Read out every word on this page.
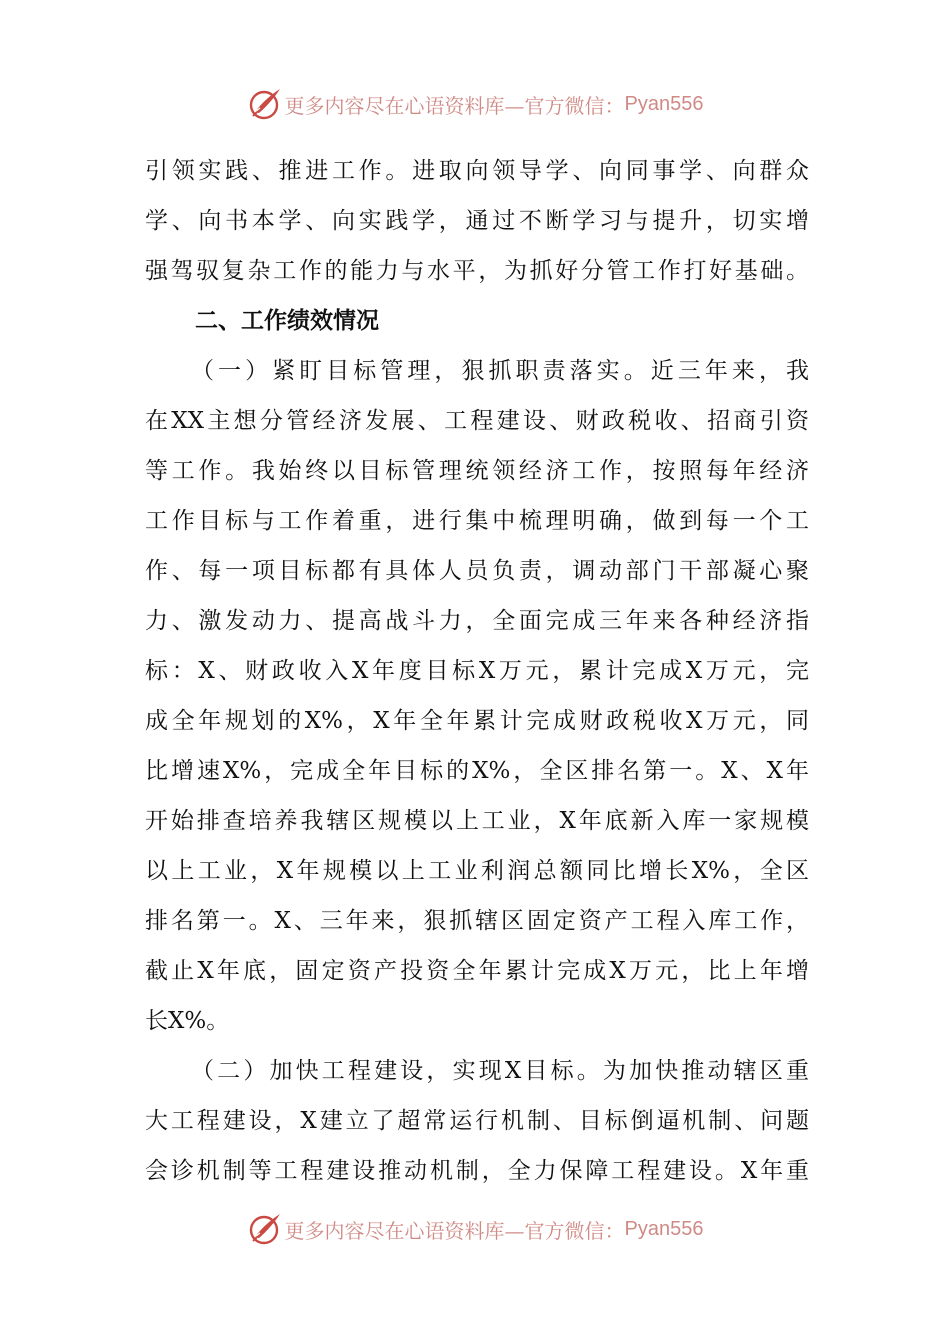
更多内容尽在心语资料库—官方微信： Pyan556
引领实践、推进工作。进取向领导学、向同事学、向群众
学、向书本学、向实践学，通过不断学习与提升，切实增
强驾驭复杂工作的能力与水平，为抓好分管工作打好基础。
二、工作绩效情况
（一）紧盯目标管理，狠抓职责落实。近三年来，我
在XX主想分管经济发展、工程建设、财政税收、招商引资
等工作。我始终以目标管理统领经济工作，按照每年经济
工作目标与工作着重，进行集中梳理明确，做到每一个工
作、每一项目标都有具体人员负责，调动部门干部凝心聚
力、激发动力、提高战斗力，全面完成三年来各种经济指
标：X、财政收入X年度目标X万元，累计完成X万元，完
成全年规划的X%，X年全年累计完成财政税收X万元，同
比增速X%，完成全年目标的X%，全区排名第一。X、X年
开始排查培养我辖区规模以上工业，X年底新入库一家规模
以上工业，X年规模以上工业利润总额同比增长X%，全区
排名第一。X、三年来，狠抓辖区固定资产工程入库工作，
截止X年底，固定资产投资全年累计完成X万元，比上年增
长X%。
（二）加快工程建设，实现X目标。为加快推动辖区重
大工程建设，X建立了超常运行机制、目标倒逼机制、问题
会诊机制等工程建设推动机制，全力保障工程建设。X年重
更多内容尽在心语资料库—官方微信： Pyan556
